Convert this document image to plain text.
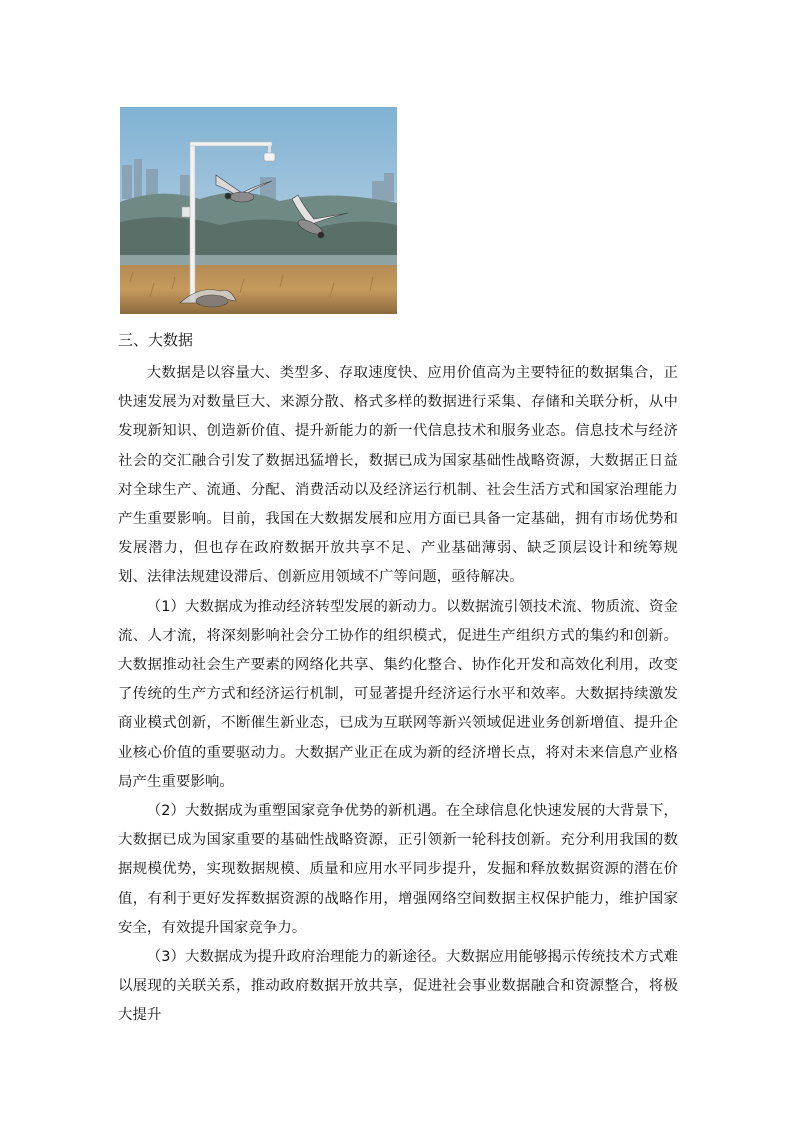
三、大数据

大数据是以容量大、类型多、存取速度快、应用价值高为主要特征的数据集合，正快速发展为对数量巨大、来源分散、格式多样的数据进行采集、存储和关联分析，从中发现新知识、创造新价值、提升新能力的新一代信息技术和服务业态。信息技术与经济社会的交汇融合引发了数据迅猛增长，数据已成为国家基础性战略资源，大数据正日益对全球生产、流通、分配、消费活动以及经济运行机制、社会生活方式和国家治理能力产生重要影响。目前，我国在大数据发展和应用方面已具备一定基础，拥有市场优势和发展潜力，但也存在政府数据开放共享不足、产业基础薄弱、缺乏顶层设计和统筹规划、法律法规建设滞后、创新应用领域不广等问题，亟待解决。

（1）大数据成为推动经济转型发展的新动力。以数据流引领技术流、物质流、资金流、人才流，将深刻影响社会分工协作的组织模式，促进生产组织方式的集约和创新。大数据推动社会生产要素的网络化共享、集约化整合、协作化开发和高效化利用，改变了传统的生产方式和经济运行机制，可显著提升经济运行水平和效率。大数据持续激发商业模式创新，不断催生新业态，已成为互联网等新兴领域促进业务创新增值、提升企业核心价值的重要驱动力。大数据产业正在成为新的经济增长点，将对未来信息产业格局产生重要影响。

（2）大数据成为重塑国家竞争优势的新机遇。在全球信息化快速发展的大背景下，大数据已成为国家重要的基础性战略资源，正引领新一轮科技创新。充分利用我国的数据规模优势，实现数据规模、质量和应用水平同步提升，发掘和释放数据资源的潜在价值，有利于更好发挥数据资源的战略作用，增强网络空间数据主权保护能力，维护国家安全，有效提升国家竞争力。

（3）大数据成为提升政府治理能力的新途径。大数据应用能够揭示传统技术方式难以展现的关联关系，推动政府数据开放共享，促进社会事业数据融合和资源整合，将极大提升
